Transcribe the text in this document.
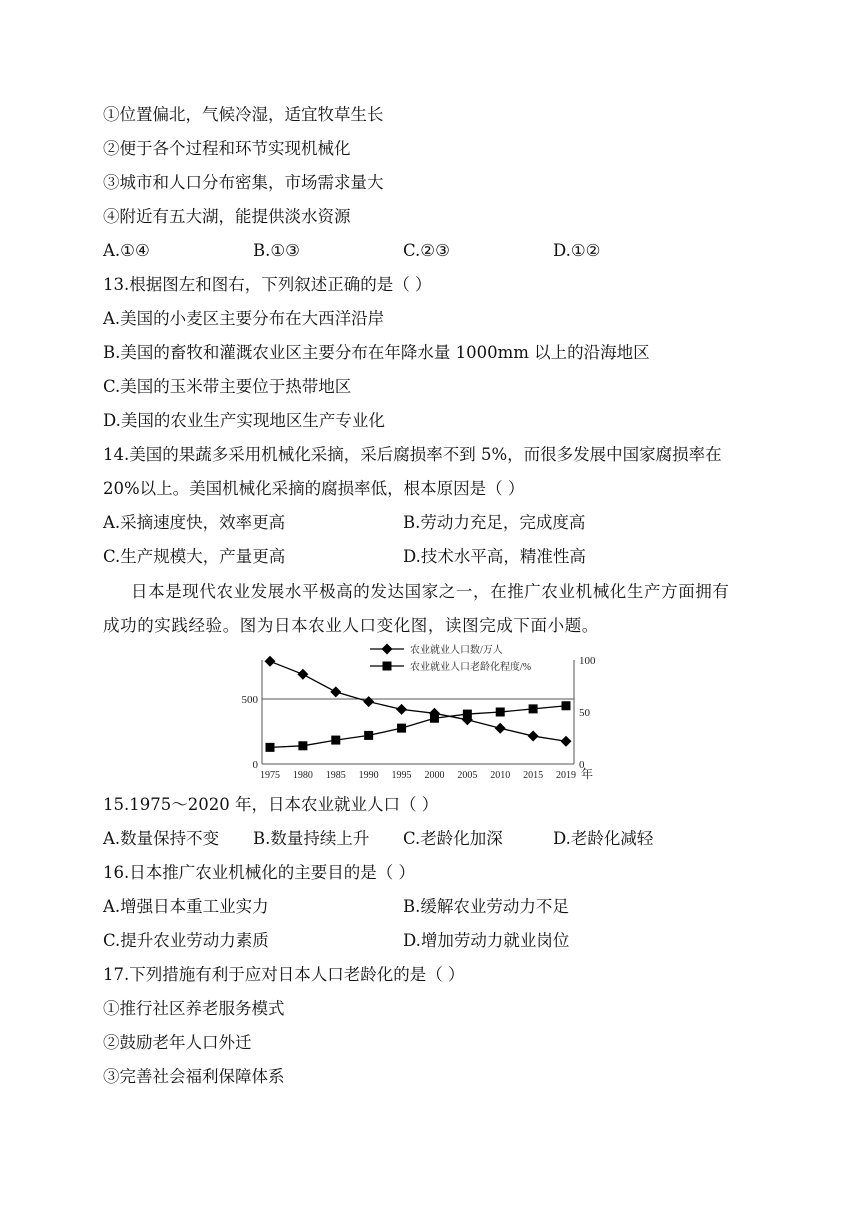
①位置偏北，气候冷湿，适宜牧草生长
②便于各个过程和环节实现机械化
③城市和人口分布密集，市场需求量大
④附近有五大湖，能提供淡水资源
A.①④	B.①③	C.②③	D.①②
13.根据图左和图右，下列叙述正确的是（ ）
A.美国的小麦区主要分布在大西洋沿岸
B.美国的畜牧和灌溉农业区主要分布在年降水量 1000mm 以上的沿海地区
C.美国的玉米带主要位于热带地区
D.美国的农业生产实现地区生产专业化
14.美国的果蔬多采用机械化采摘，采后腐损率不到 5%，而很多发展中国家腐损率在
20%以上。美国机械化采摘的腐损率低，根本原因是（ ）
A.采摘速度快，效率更高	B.劳动力充足，完成度高
C.生产规模大，产量更高	D.技术水平高，精准性高
日本是现代农业发展水平极高的发达国家之一，在推广农业机械化生产方面拥有
成功的实践经验。图为日本农业人口变化图，读图完成下面小题。
0
500
0
50
100
1975 1980 1985 1990 1995 2000 2005 2010 2015 2019 年
农业就业人口数/万人
农业就业人口老龄化程度/%
15.1975～2020 年，日本农业就业人口（ ）
A.数量保持不变 B.数量持续上升 C.老龄化加深	D.老龄化减轻
16.日本推广农业机械化的主要目的是（ ）
A.增强日本重工业实力	B.缓解农业劳动力不足
C.提升农业劳动力素质	D.增加劳动力就业岗位
17.下列措施有利于应对日本人口老龄化的是（ ）
①推行社区养老服务模式
②鼓励老年人口外迁
③完善社会福利保障体系
